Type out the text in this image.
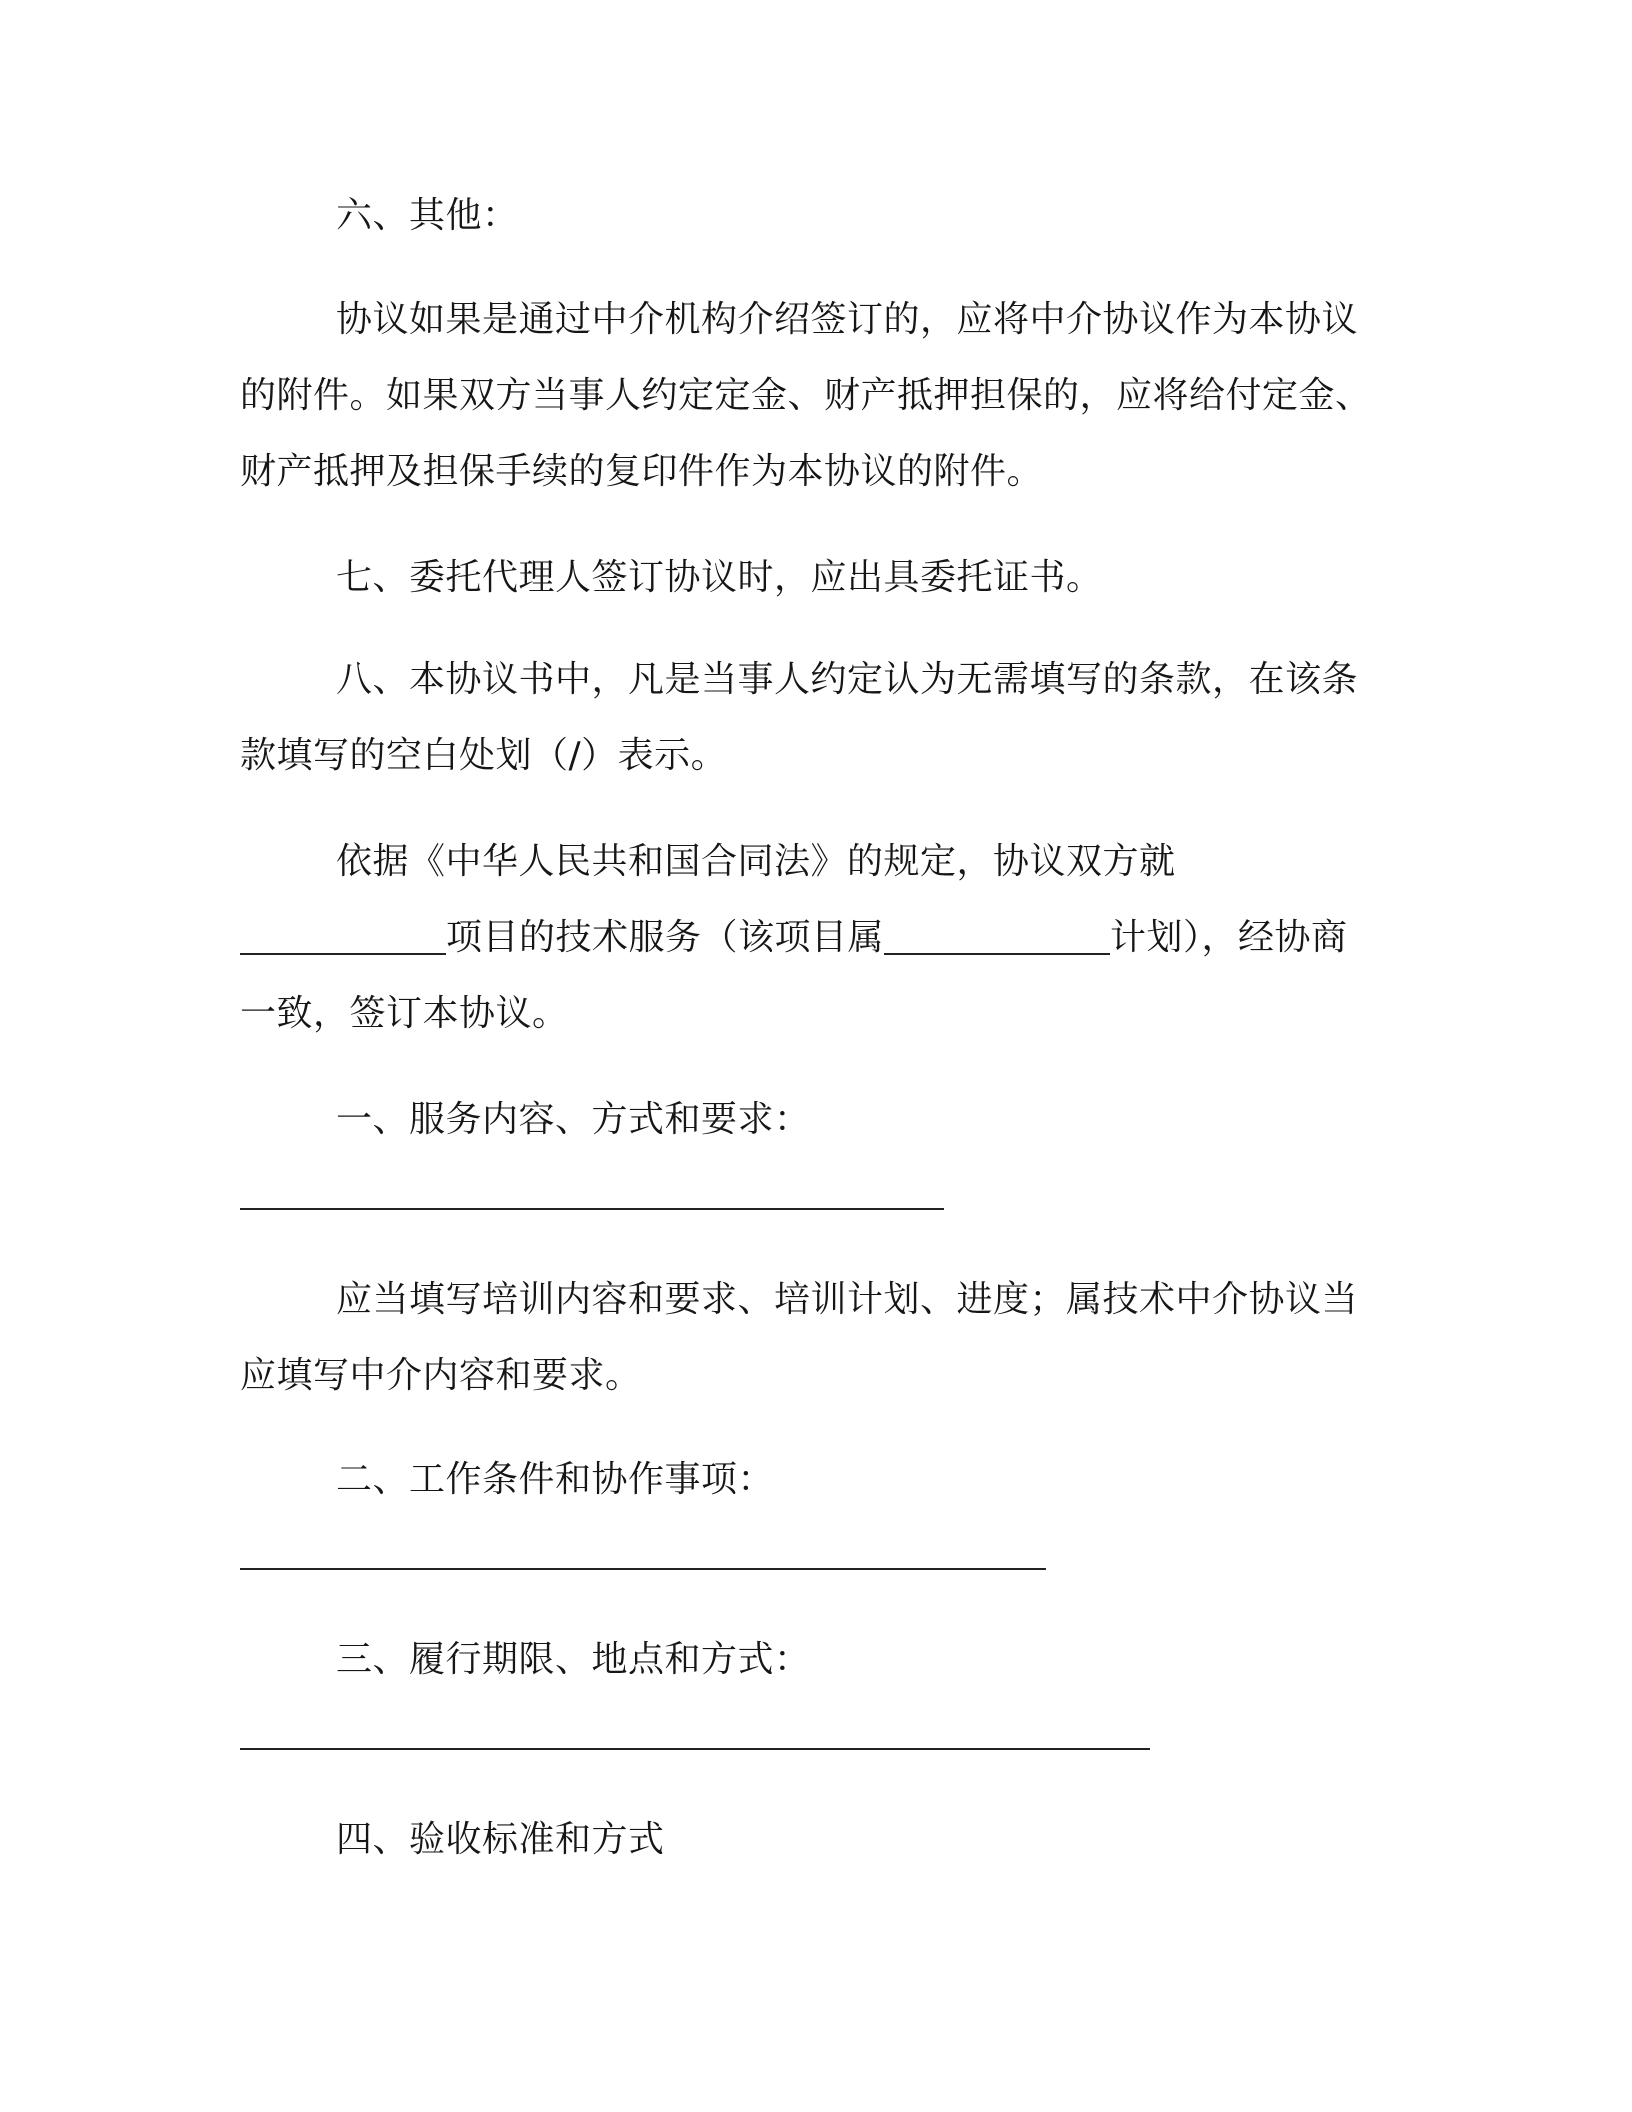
六、其他：

协议如果是通过中介机构介绍签订的，应将中介协议作为本协议

的附件。如果双方当事人约定定金、财产抵押担保的，应将给付定金、

财产抵押及担保手续的复印件作为本协议的附件。

七、委托代理人签订协议时，应出具委托证书。

八、本协议书中，凡是当事人约定认为无需填写的条款，在该条

款填写的空白处划（/）表示。

依据《中华人民共和国合同法》的规定，协议双方就

项目的技术服务（该项目属	计划），经协商

一致，签订本协议。

一、服务内容、方式和要求：

应当填写培训内容和要求、培训计划、进度；属技术中介协议当

应填写中介内容和要求。

二、工作条件和协作事项：

三、履行期限、地点和方式：

四、验收标准和方式
